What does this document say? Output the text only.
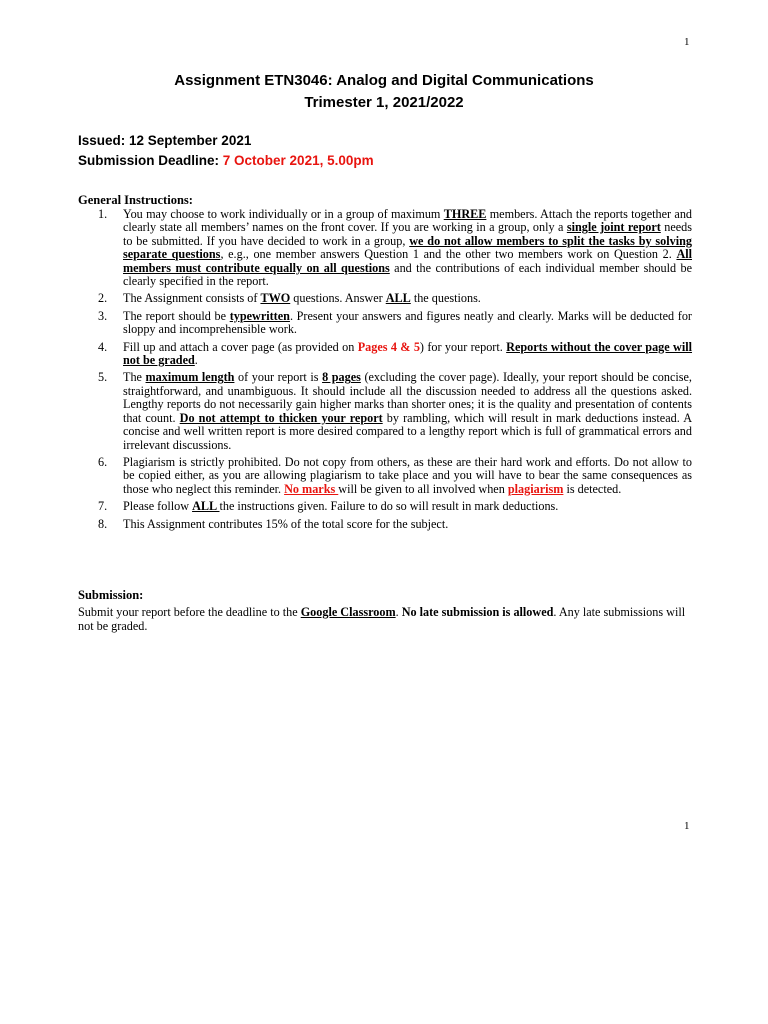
1
Assignment ETN3046: Analog and Digital Communications
Trimester 1, 2021/2022
Issued: 12 September 2021
Submission Deadline: 7 October 2021, 5.00pm
General Instructions:
1. You may choose to work individually or in a group of maximum THREE members. Attach the reports together and clearly state all members’ names on the front cover. If you are working in a group, only a single joint report needs to be submitted. If you have decided to work in a group, we do not allow members to split the tasks by solving separate questions, e.g., one member answers Question 1 and the other two members work on Question 2. All members must contribute equally on all questions and the contributions of each individual member should be clearly specified in the report.
2. The Assignment consists of TWO questions. Answer ALL the questions.
3. The report should be typewritten. Present your answers and figures neatly and clearly. Marks will be deducted for sloppy and incomprehensible work.
4. Fill up and attach a cover page (as provided on Pages 4 & 5) for your report. Reports without the cover page will not be graded.
5. The maximum length of your report is 8 pages (excluding the cover page). Ideally, your report should be concise, straightforward, and unambiguous. It should include all the discussion needed to address all the questions asked. Lengthy reports do not necessarily gain higher marks than shorter ones; it is the quality and presentation of contents that count. Do not attempt to thicken your report by rambling, which will result in mark deductions instead. A concise and well written report is more desired compared to a lengthy report which is full of grammatical errors and irrelevant discussions.
6. Plagiarism is strictly prohibited. Do not copy from others, as these are their hard work and efforts. Do not allow to be copied either, as you are allowing plagiarism to take place and you will have to bear the same consequences as those who neglect this reminder. No marks will be given to all involved when plagiarism is detected.
7. Please follow ALL the instructions given. Failure to do so will result in mark deductions.
8. This Assignment contributes 15% of the total score for the subject.
Submission:

Submit your report before the deadline to the Google Classroom. No late submission is allowed. Any late submissions will not be graded.

1
